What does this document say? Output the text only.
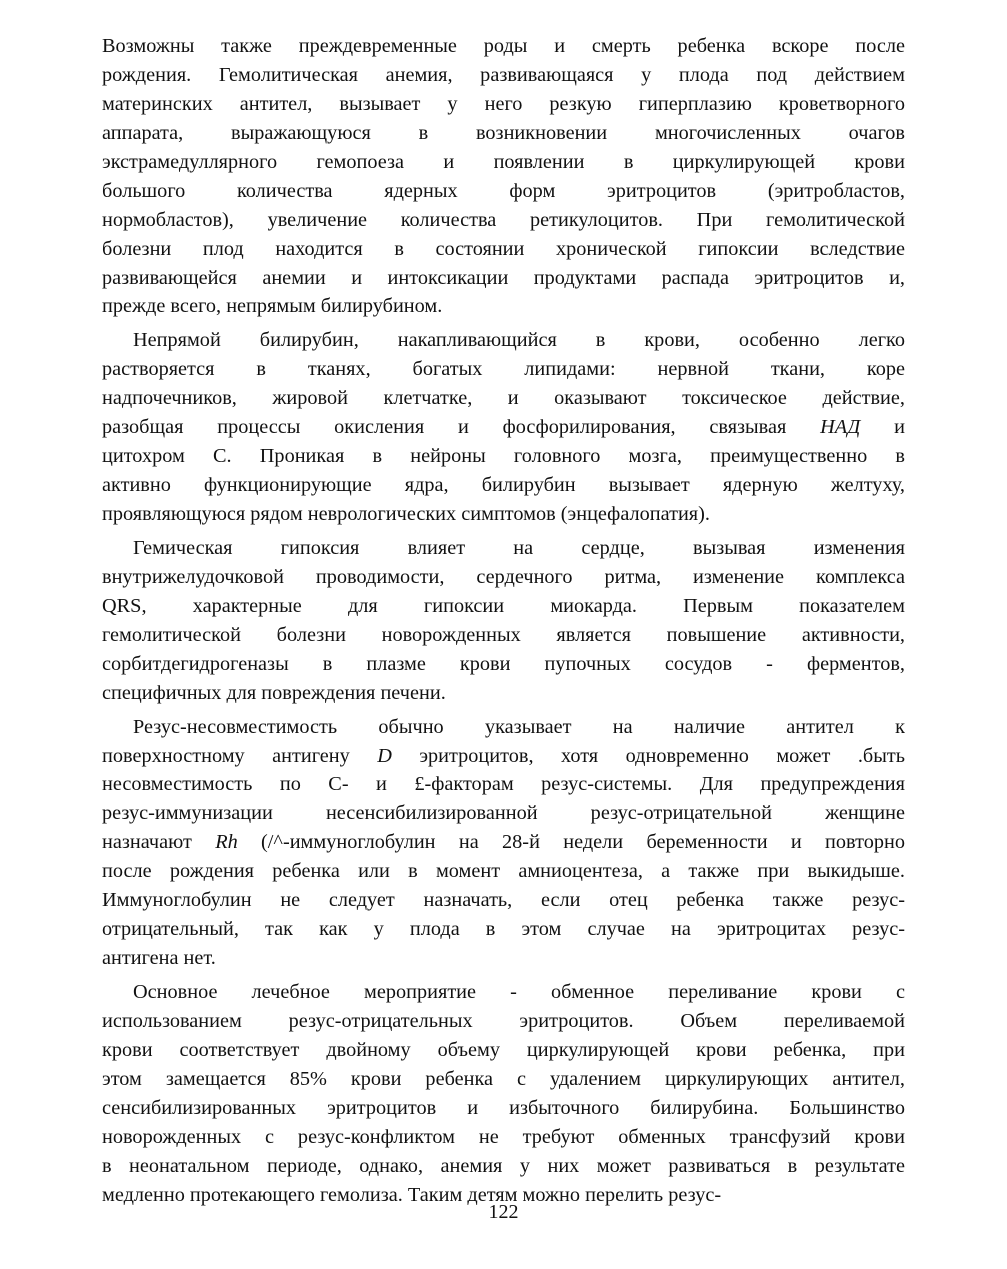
Возможны также преждевременные роды и смерть ребенка вскоре после
рождения. Гемолитическая анемия, развивающаяся у плода под действием
материнских антител, вызывает у него резкую гиперплазию кроветворного
аппарата, выражающуюся в возникновении многочисленных очагов
экстрамедуллярного гемопоеза и появлении в циркулирующей крови
большого количества ядерных форм эритроцитов (эритробластов,
нормобластов), увеличение количества ретикулоцитов. При гемолитической
болезни плод находится в состоянии хронической гипоксии вследствие
развивающейся анемии и интоксикации продуктами распада эритроцитов и,
прежде всего, непрямым билирубином.
Непрямой билирубин, накапливающийся в крови, особенно легко
растворяется в тканях, богатых липидами: нервной ткани, коре
надпочечников, жировой клетчатке, и оказывают токсическое действие,
разобщая процессы окисления и фосфорилирования, связывая НАД и
цитохром С. Проникая в нейроны головного мозга, преимущественно в
активно функционирующие ядра, билирубин вызывает ядерную желтуху,
проявляющуюся рядом неврологических симптомов (энцефалопатия).
Гемическая гипоксия влияет на сердце, вызывая изменения
внутрижелудочковой проводимости, сердечного ритма, изменение комплекса
QRS, характерные для гипоксии миокарда. Первым показателем
гемолитической болезни новорожденных является повышение активности,
сорбитдегидрогеназы в плазме крови пупочных сосудов - ферментов,
специфичных для повреждения печени.
Резус-несовместимость обычно указывает на наличие антител к
поверхностному антигену D эритроцитов, хотя одновременно может .быть
несовместимость по С- и £-факторам резус-системы. Для предупреждения
резус-иммунизации несенсибилизированной резус-отрицательной женщине
назначают Rh (/^-иммуноглобулин на 28-й недели беременности и повторно
после рождения ребенка или в момент амниоцентеза, а также при выкидыше.
Иммуноглобулин не следует назначать, если отец ребенка также резус-
отрицательный, так как у плода в этом случае на эритроцитах резус-
антигена нет.
Основное лечебное мероприятие - обменное переливание крови с
использованием резус-отрицательных эритроцитов. Объем переливаемой
крови соответствует двойному объему циркулирующей крови ребенка, при
этом замещается 85% крови ребенка с удалением циркулирующих антител,
сенсибилизированных эритроцитов и избыточного билирубина. Большинство
новорожденных с резус-конфликтом не требуют обменных трансфузий крови
в неонатальном периоде, однако, анемия у них может развиваться в результате
медленно протекающего гемолиза. Таким детям можно перелить резус-
122
